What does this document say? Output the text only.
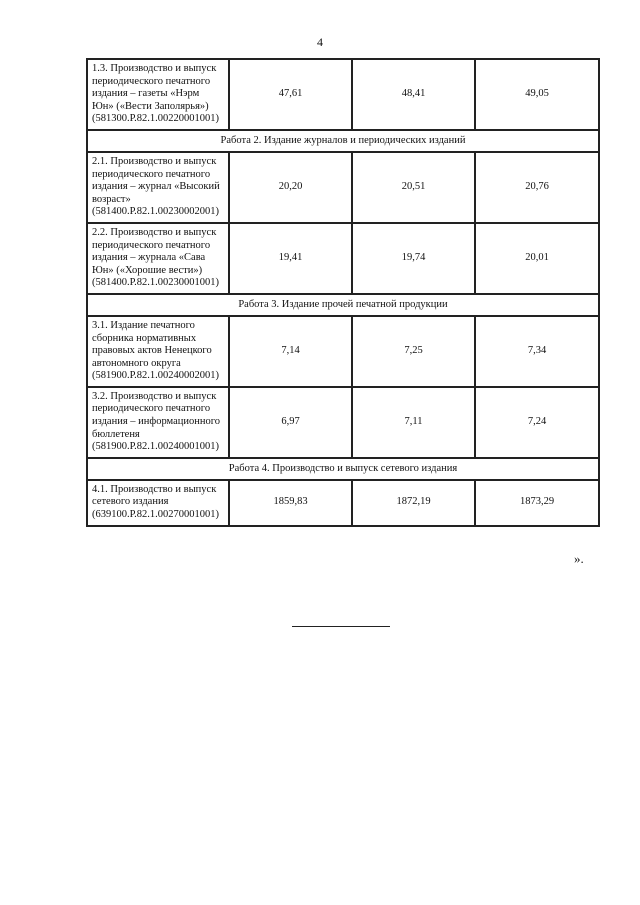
4
1.3. Производство и выпуск
периодического печатного
издания – газеты «Нэрм
Юн» («Вести Заполярья»)
(581300.Р.82.1.00220001001)	47,61	48,41	49,05
Работа 2. Издание журналов и периодических изданий			

2.1. Производство и выпуск
периодического печатного
издания – журнал «Высокий
возраст»
(581400.Р.82.1.00230002001)	20,20	20,51	20,76

2.2. Производство и выпуск
периодического печатного
издания – журнала «Сава
Юн» («Хорошие вести»)
(581400.Р.82.1.00230001001)	19,41	19,74	20,01
Работа 3. Издание прочей печатной продукции			

3.1. Издание печатного
сборника нормативных
правовых актов Ненецкого
автономного округа
(581900.Р.82.1.00240002001)	7,14	7,25	7,34

3.2. Производство и выпуск
периодического печатного
издания – информационного
бюллетеня
(581900.Р.82.1.00240001001)	6,97	7,11	7,24
Работа 4. Производство и выпуск сетевого издания			

4.1. Производство и выпуск
сетевого издания
(639100.Р.82.1.00270001001)	1859,83	1872,19	1873,29
».
